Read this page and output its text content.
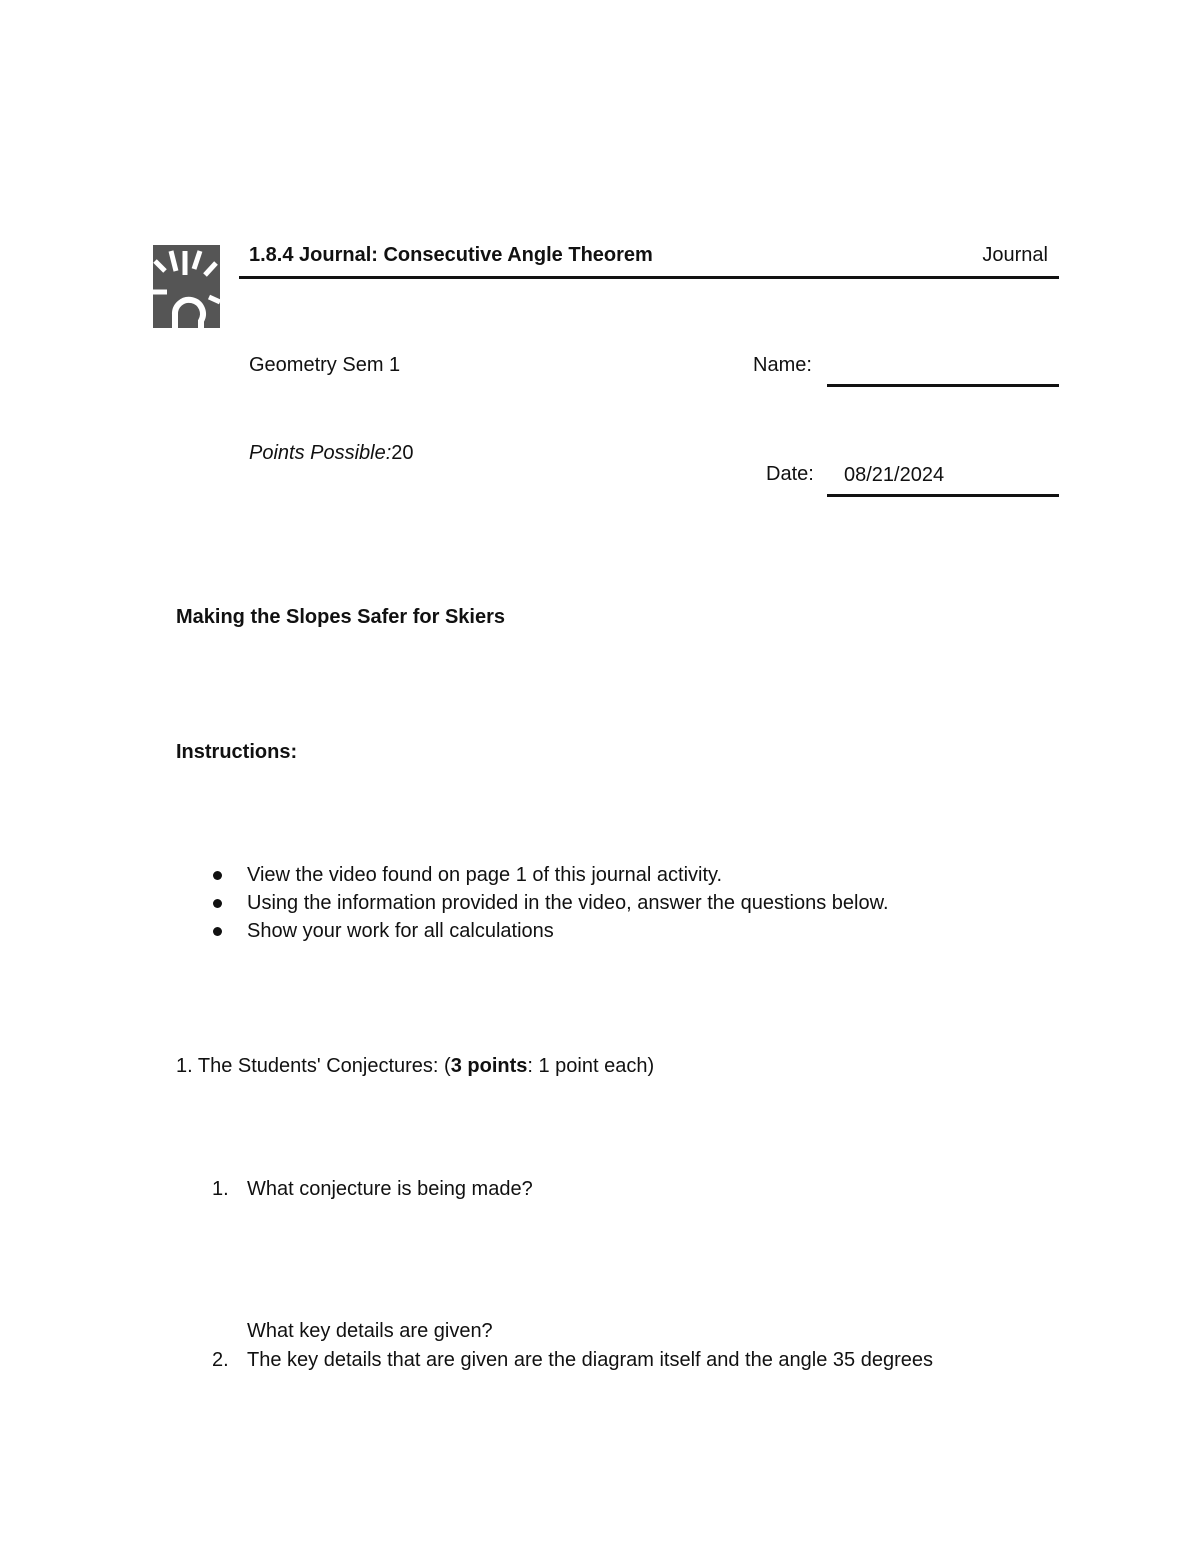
1.8.4 Journal: Consecutive Angle Theorem	Journal
Geometry Sem 1	Name:
Points Possible:20
Date: 08/21/2024
Making the Slopes Safer for Skiers
Instructions:
View the video found on page 1 of this journal activity.
Using the information provided in the video, answer the questions below.
Show your work for all calculations
1. The Students' Conjectures: (3 points: 1 point each)
1. What conjecture is being made?
What key details are given?
2. The key details that are given are the diagram itself and the angle 35 degrees
